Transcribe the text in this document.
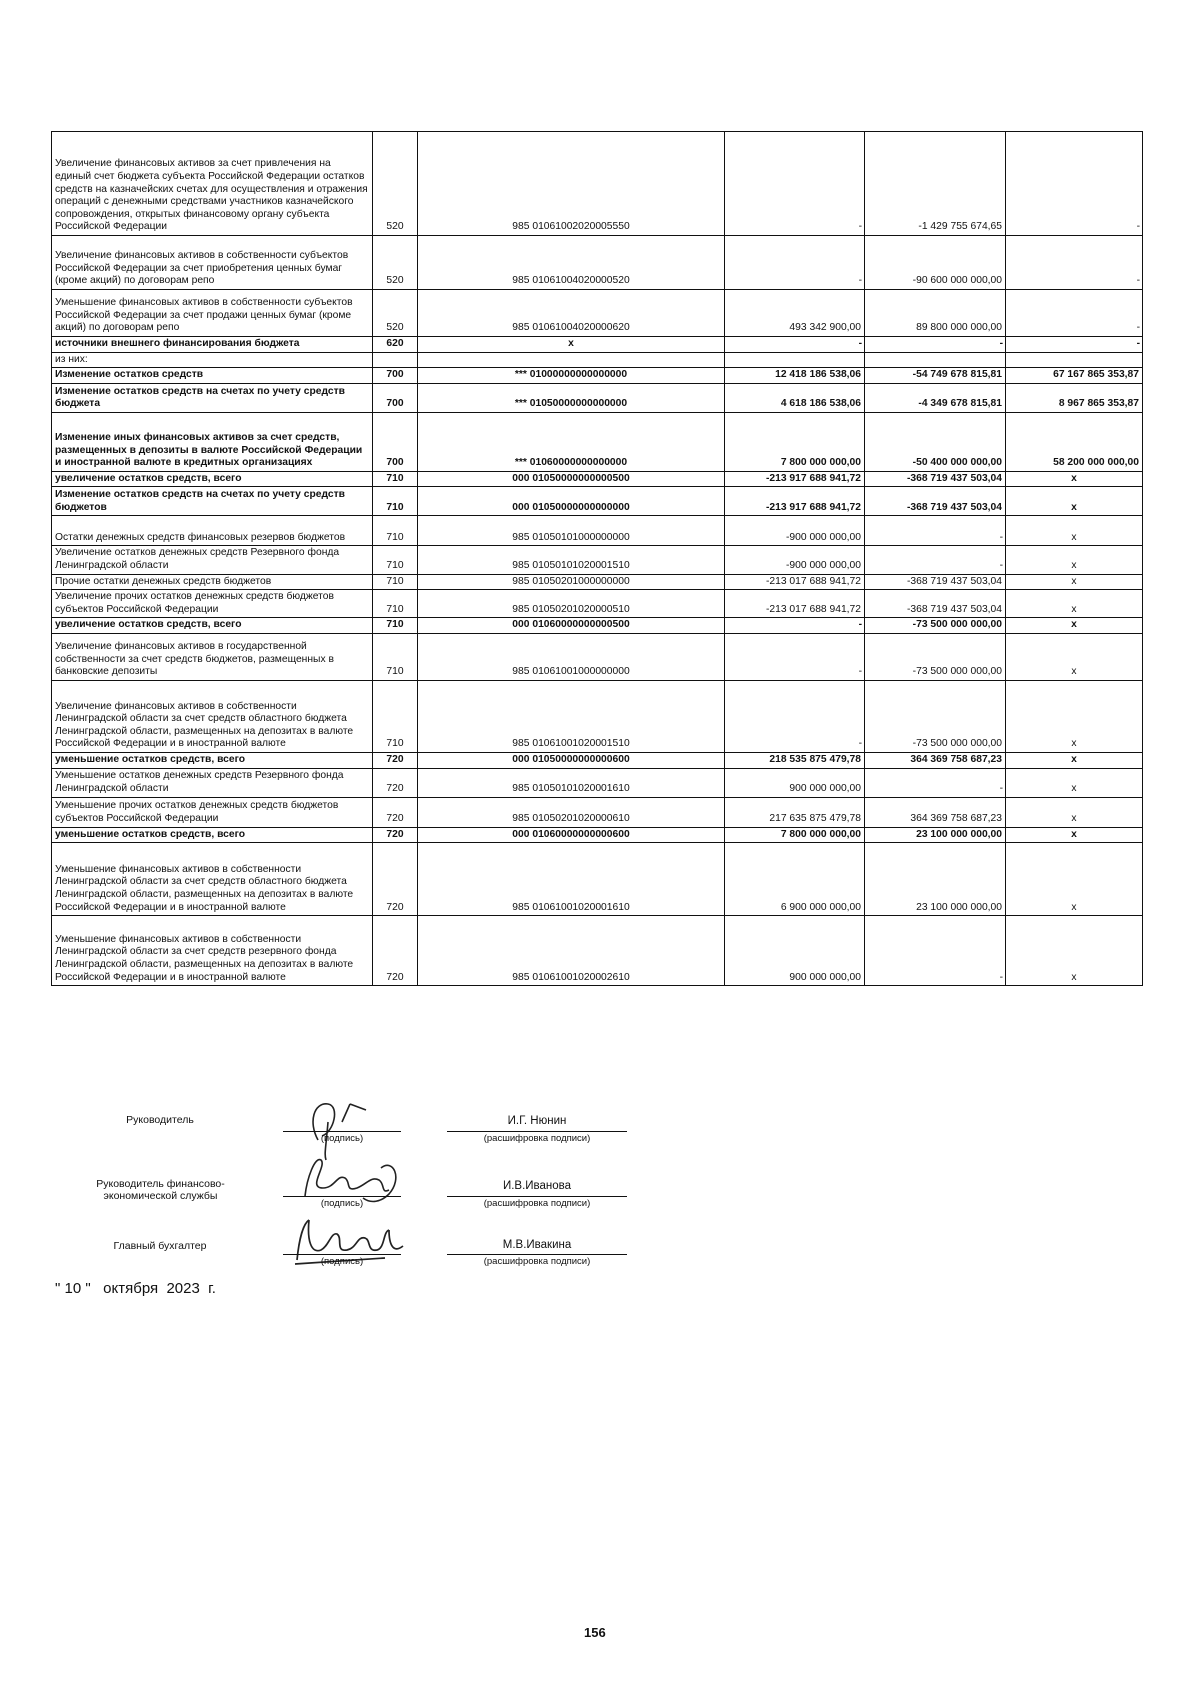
Увеличение финансовых активов за счет привлечения на единый счет бюджета субъекта Российской Федерации остатков средств на казначейских счетах для осуществления и отражения операций с денежными средствами участников казначейского сопровождения, открытых финансовому органу субъекта Российской Федерации	520	985 01061002020005550	-	-1 429 755 674,65	-

Увеличение финансовых активов в собственности субъектов Российской Федерации за счет приобретения ценных бумаг (кроме акций) по договорам репо	520	985 01061004020000520	-	-90 600 000 000,00	-

Уменьшение финансовых активов в собственности субъектов Российской Федерации за счет продажи ценных бумаг (кроме акций) по договорам репо	520	985 01061004020000620	493 342 900,00	89 800 000 000,00	-

источники внешнего финансирования бюджета	620	x	-	-	-

из них:					
Изменение остатков средств	700	*** 01000000000000000	12 418 186 538,06	-54 749 678 815,81	67 167 865 353,87
Изменение остатков средств на счетах по учету средств бюджета	700	*** 01050000000000000	4 618 186 538,06	-4 349 678 815,81	8 967 865 353,87
Изменение иных финансовых активов за счет средств, размещенных в депозиты в валюте Российской Федерации и иностранной валюте в кредитных организациях	700	*** 01060000000000000	7 800 000 000,00	-50 400 000 000,00	58 200 000 000,00
увеличение остатков средств, всего	710	000 01050000000000500	-213 917 688 941,72	-368 719 437 503,04	x
Изменение остатков средств на счетах по учету средств бюджетов	710	000 01050000000000000	-213 917 688 941,72	-368 719 437 503,04	x
Остатки денежных средств финансовых резервов бюджетов	710	985 01050101000000000	-900 000 000,00	-	x
Увеличение остатков денежных средств Резервного фонда Ленинградской области	710	985 01050101020001510	-900 000 000,00	-	x
Прочие остатки денежных средств бюджетов	710	985 01050201000000000	-213 017 688 941,72	-368 719 437 503,04	x
Увеличение прочих остатков денежных средств бюджетов субъектов Российской Федерации	710	985 01050201020000510	-213 017 688 941,72	-368 719 437 503,04	x
увеличение остатков средств, всего	710	000 01060000000000500	-	-73 500 000 000,00	x
Увеличение финансовых активов в государственной собственности за счет средств бюджетов, размещенных в банковские депозиты	710	985 01061001000000000	-	-73 500 000 000,00	x
Увеличение финансовых активов в собственности Ленинградской области за счет средств областного бюджета Ленинградской области, размещенных на депозитах в валюте Российской Федерации и в иностранной валюте	710	985 01061001020001510	-	-73 500 000 000,00	x
уменьшение остатков средств, всего	720	000 01050000000000600	218 535 875 479,78	364 369 758 687,23	x
Уменьшение остатков денежных средств Резервного фонда Ленинградской области	720	985 01050101020001610	900 000 000,00	-	x
Уменьшение прочих остатков денежных средств бюджетов субъектов Российской Федерации	720	985 01050201020000610	217 635 875 479,78	364 369 758 687,23	x
уменьшение остатков средств, всего	720	000 01060000000000600	7 800 000 000,00	23 100 000 000,00	x
Уменьшение финансовых активов в собственности Ленинградской области за счет средств областного бюджета Ленинградской области, размещенных на депозитах в валюте Российской Федерации и в иностранной валюте	720	985 01061001020001610	6 900 000 000,00	23 100 000 000,00	x
Уменьшение финансовых активов в собственности Ленинградской области за счет средств резервного фонда Ленинградской области, размещенных на депозитах в валюте Российской Федерации и в иностранной валюте	720	985 01061001020002610	900 000 000,00	-	x
Руководитель
(подпись)
И.Г. Нюнин
(расшифровка подписи)
Руководитель финансово-экономической службы
(подпись)
И.В.Иванова
(расшифровка подписи)
Главный бухгалтер
(подпись)
М.В.Ивакина
(расшифровка подписи)
" 10 "   октября  2023  г.
156
